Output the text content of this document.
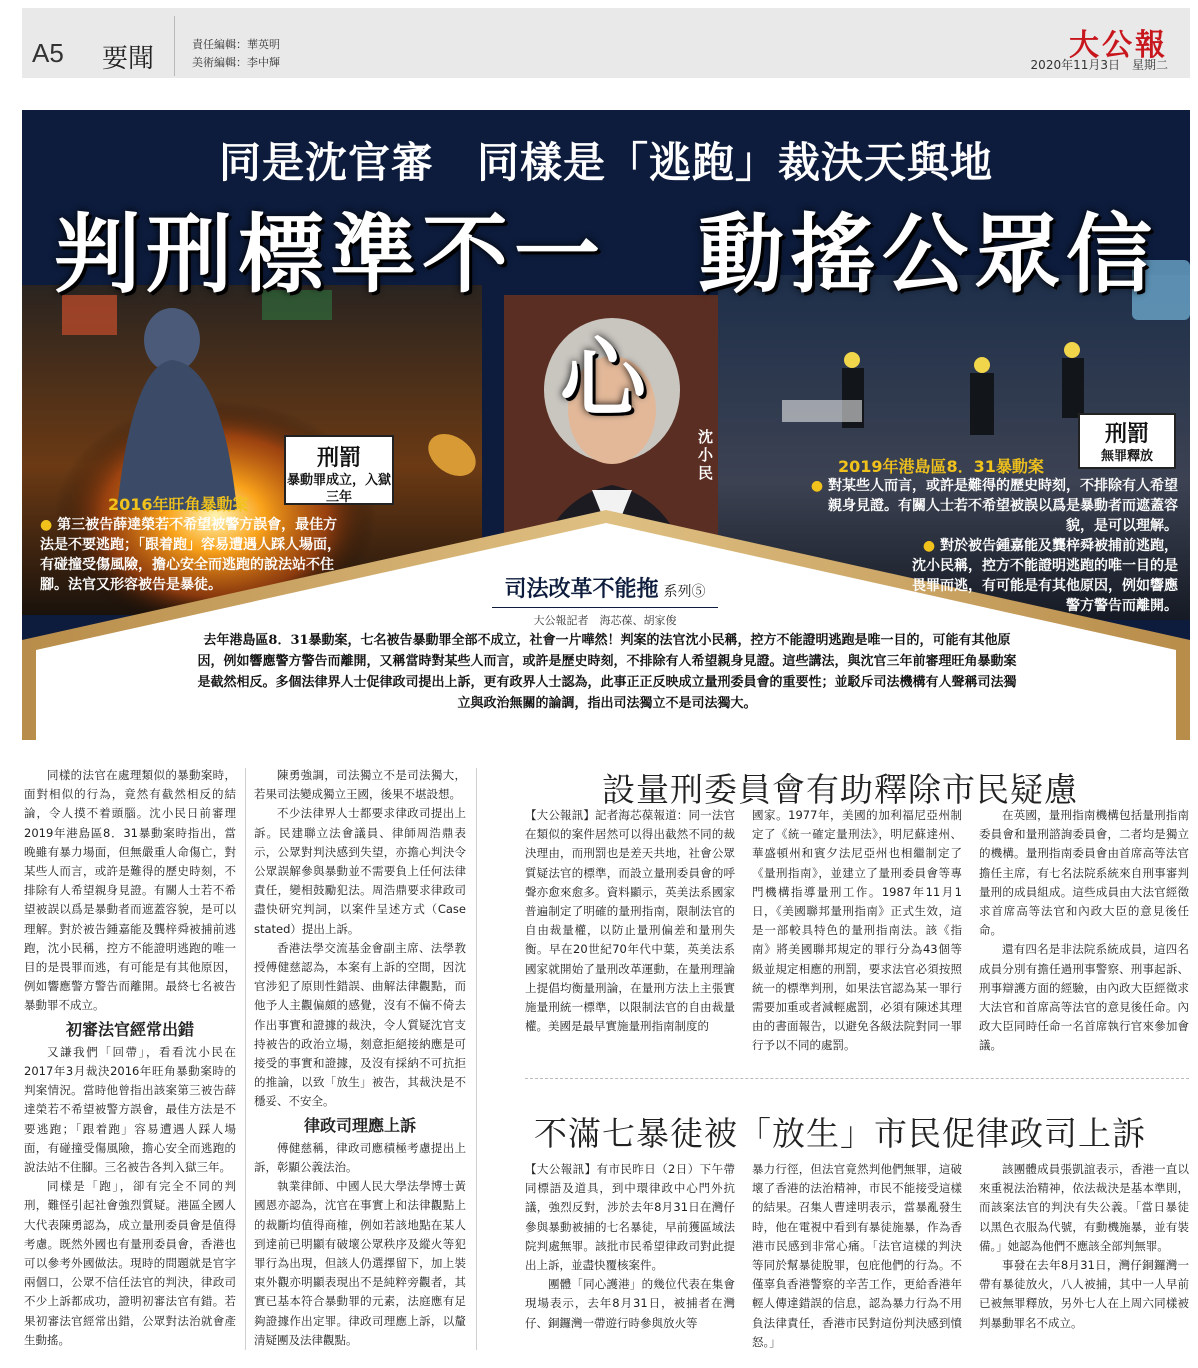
A5 要聞	責任編輯：華英明
美術編輯：李中輝	大公報
2020年11月3日　星期二
同是沈官審　同樣是「逃跑」裁決天與地
判刑標準不一　動搖公眾信心
刑罰
暴動罪成立，入獄三年
2016年旺角暴動案
● 第三被告薛達榮若不希望被警方誤會，最佳方法是不要逃跑；「跟着跑」容易遭遇人踩人場面，有碰撞受傷風險，擔心安全而逃跑的說法站不住腳。法官又形容被告是暴徒。
沈小民
刑罰
無罪釋放
2019年港島區8．31暴動案
● 對某些人而言，或許是難得的歷史時刻，不排除有人希望親身見證。有關人士若不希望被誤以爲是暴動者而遮蓋容貌，是可以理解。
● 對於被告鍾嘉能及龔梓舜被捕前逃跑，沈小民稱，控方不能證明逃跑的唯一目的是畏罪而逃，有可能是有其他原因，例如響應警方警告而離開。
司法改革不能拖 系列⑤
大公報記者　海芯葆、胡家俊
去年港島區8．31暴動案，七名被告暴動罪全部不成立，社會一片嘩然！判案的法官沈小民稱，控方不能證明逃跑是唯一目的，可能有其他原因，例如響應警方警告而離開，又稱當時對某些人而言，或許是歷史時刻，不排除有人希望親身見證。這些講法，與沈官三年前審理旺角暴動案是截然相反。多個法律界人士促律政司提出上訴，更有政界人士認為，此事正正反映成立量刑委員會的重要性；並駁斥司法機構有人聲稱司法獨立與政治無關的論調，指出司法獨立不是司法獨大。

同樣的法官在處理類似的暴動案時，面對相似的行為，竟然有截然相反的結論，令人摸不着頭腦。沈小民日前審理2019年港島區8．31暴動案時指出，當晚雖有暴力場面，但無嚴重人命傷亡，對某些人而言，或許是難得的歷史時刻，不排除有人希望親身見證。有關人士若不希望被誤以爲是暴動者而遮蓋容貌，是可以理解。對於被告鍾嘉能及龔梓舜被捕前逃跑，沈小民稱，控方不能證明逃跑的唯一目的是畏罪而逃，有可能是有其他原因，例如響應警方警告而離開。最終七名被告暴動罪不成立。

初審法官經常出錯

又謙我們「回帶」，看看沈小民在2017年3月裁決2016年旺角暴動案時的判案情況。當時他曾指出該案第三被告薛達榮若不希望被警方誤會，最佳方法是不要逃跑；「跟着跑」容易遭遇人踩人場面，有碰撞受傷風險，擔心安全而逃跑的說法站不住腳。三名被告各判入獄三年。

同樣是「跑」，卻有完全不同的判刑，難怪引起社會強烈質疑。港區全國人大代表陳勇認為，成立量刑委員會是值得考慮。既然外國也有量刑委員會，香港也可以參考外國做法。現時的問題就是官字兩個口，公眾不信任法官的判決，律政司不少上訴都成功，證明初審法官有錯。若果初審法官經常出錯，公眾對法治就會產生動搖。

陳勇強調，司法獨立不是司法獨大，若果司法變成獨立王國，後果不堪設想。

不少法律界人士都要求律政司提出上訴。民建聯立法會議員、律師周浩鼎表示，公眾對判決感到失望，亦擔心判決令公眾誤解參與暴動並不需要負上任何法律責任，變相鼓勵犯法。周浩鼎要求律政司盡快研究判詞，以案件呈述方式（Case stated）提出上訴。

香港法學交流基金會副主席、法學教授傅健慈認為，本案有上訴的空間，因沈官涉犯了原則性錯誤、曲解法律觀點，而他予人主觀偏頗的感覺，沒有不偏不倚去作出事實和證據的裁決，令人質疑沈官支持被告的政治立場，刻意拒絕接納應是可接受的事實和證據，及沒有採納不可抗拒的推論，以致「放生」被告，其裁決是不穩妥、不安全。

律政司理應上訴

傅健慈稱，律政司應積極考慮提出上訴，彰顯公義法治。

執業律師、中國人民大學法學博士黃國恩亦認為，沈官在事實上和法律觀點上的裁斷均值得商榷，例如若該地點在某人到達前已明顯有破壞公眾秩序及縱火等犯罪行為出現，但該人仍選擇留下，加上裝束外觀亦明顯表現出不是純粹旁觀者，其實已基本符合暴動罪的元素，法庭應有足夠證據作出定罪。律政司理應上訴，以釐清疑團及法律觀點。

設量刑委員會有助釋除市民疑慮

【大公報訊】記者海芯葆報道：同一法官在類似的案件居然可以得出截然不同的裁決理由，而刑罰也是差天共地，社會公眾質疑法官的標準，而設立量刑委員會的呼聲亦愈來愈多。資料顯示，英美法系國家普遍制定了明確的量刑指南，限制法官的自由裁量權，以防止量刑偏差和量刑失衡。早在20世紀70年代中葉，英美法系國家就開始了量刑改革運動，在量刑理論上提倡均衡量刑論，在量刑方法上主張實施量刑統一標準，以限制法官的自由裁量權。美國是最早實施量刑指南制度的

國家。1977年，美國的加利福尼亞州制定了《統一確定量刑法》，明尼蘇達州、華盛頓州和賓夕法尼亞州也相繼制定了《量刑指南》，並建立了量刑委員會等專門機構指導量刑工作。1987年11月1日，《美國聯邦量刑指南》正式生效，這是一部較具特色的量刑指南法。該《指南》將美國聯邦規定的罪行分為43個等級並規定相應的刑罰，要求法官必須按照統一的標準判刑，如果法官認為某一罪行需要加重或者減輕處罰，必須有陳述其理由的書面報告，以避免各級法院對同一罪行予以不同的處罰。

在英國，量刑指南機構包括量刑指南委員會和量刑諮詢委員會，二者均是獨立的機構。量刑指南委員會由首席高等法官擔任主席，有七名法院系統來自刑事審判量刑的成員組成。這些成員由大法官經徵求首席高等法官和內政大臣的意見後任命。

還有四名是非法院系統成員，這四名成員分別有擔任過刑事警察、刑事起訴、刑事辯護方面的經驗，由內政大臣經徵求大法官和首席高等法官的意見後任命。內政大臣同時任命一名首席執行官來參加會議。

不滿七暴徒被「放生」市民促律政司上訴

【大公報訊】有市民昨日（2日）下午帶同標語及道具，到中環律政中心門外抗議，強烈反對，涉於去年8月31日在灣仔參與暴動被捕的七名暴徒，早前獲區域法院判處無罪。該批市民希望律政司對此提出上訴，並盡快覆核案件。

團體「同心護港」的幾位代表在集會現場表示，去年8月31日，被捕者在灣仔、銅鑼灣一帶遊行時參與放火等

暴力行徑，但法官竟然判他們無罪，這破壞了香港的法治精神，市民不能接受這樣的結果。召集人曹達明表示，當暴亂發生時，他在電視中看到有暴徒施暴，作為香港市民感到非常心痛。「法官這樣的判決等同於幫暴徒脫罪，包庇他們的行為。不僅辜負香港警察的辛苦工作，更給香港年輕人傳達錯誤的信息，認為暴力行為不用負法律責任，香港市民對這份判決感到憤怒。」

該團體成員張凱誼表示，香港一直以來重視法治精神，依法裁決是基本準則，而該案法官的判決有失公義。「當日暴徒以黑色衣服為代號，有動機施暴，並有裝備。」她認為他們不應該全部判無罪。

事發在去年8月31日，灣仔銅鑼灣一帶有暴徒放火，八人被捕，其中一人早前已被無罪釋放，另外七人在上周六同樣被判暴動罪名不成立。
